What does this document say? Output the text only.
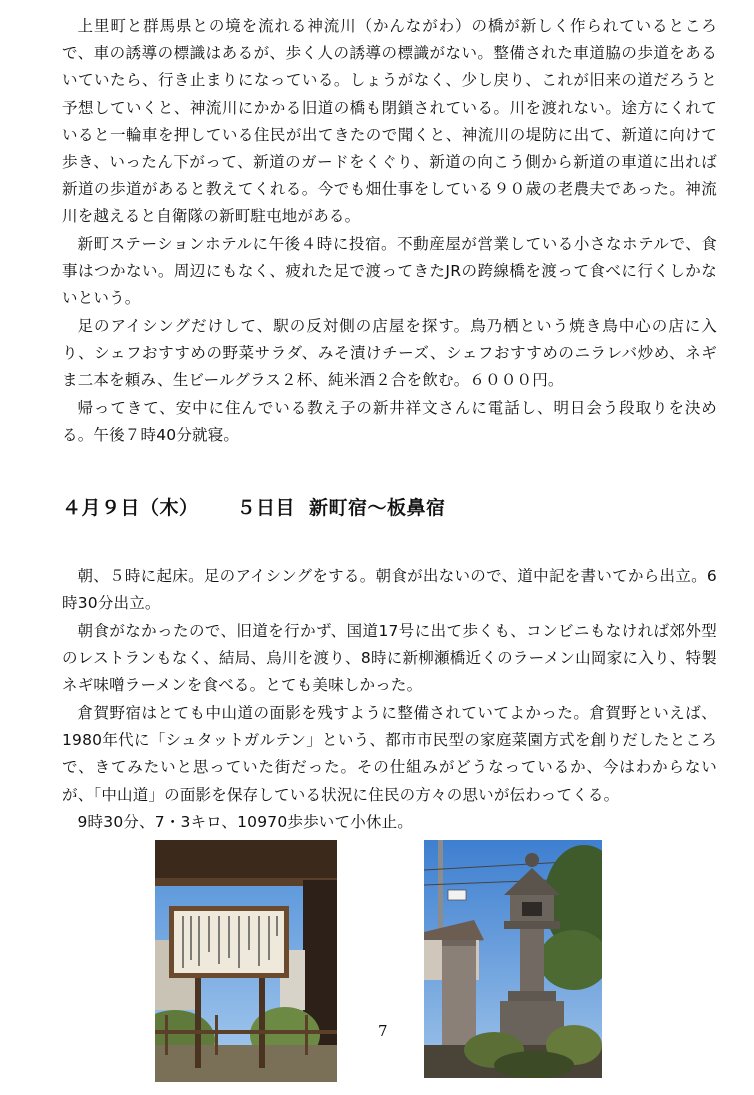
上里町と群馬県との境を流れる神流川（かんながわ）の橋が新しく作られているところで、車の誘導の標識はあるが、歩く人の誘導の標識がない。整備された車道脇の歩道をあるいていたら、行き止まりになっている。しょうがなく、少し戻り、これが旧来の道だろうと予想していくと、神流川にかかる旧道の橋も閉鎖されている。川を渡れない。途方にくれていると一輪車を押している住民が出てきたので聞くと、神流川の堤防に出て、新道に向けて歩き、いったん下がって、新道のガードをくぐり、新道の向こう側から新道の車道に出れば新道の歩道があると教えてくれる。今でも畑仕事をしている９０歳の老農夫であった。神流川を越えると自衛隊の新町駐屯地がある。

新町ステーションホテルに午後４時に投宿。不動産屋が営業している小さなホテルで、食事はつかない。周辺にもなく、疲れた足で渡ってきたJRの跨線橋を渡って食べに行くしかないという。

足のアイシングだけして、駅の反対側の店屋を探す。鳥乃栖という焼き鳥中心の店に入り、シェフおすすめの野菜サラダ、みそ漬けチーズ、シェフおすすめのニラレバ炒め、ネギま二本を頼み、生ビールグラス２杯、純米酒２合を飲む。６０００円。

帰ってきて、安中に住んでいる教え子の新井祥文さんに電話し、明日会う段取りを決める。午後７時40分就寝。

４月９日（木） ５日目 新町宿〜板鼻宿

朝、５時に起床。足のアイシングをする。朝食が出ないので、道中記を書いてから出立。6時30分出立。

朝食がなかったので、旧道を行かず、国道17号に出て歩くも、コンビニもなければ郊外型のレストランもなく、結局、烏川を渡り、8時に新柳瀬橋近くのラーメン山岡家に入り、特製ネギ味噌ラーメンを食べる。とても美味しかった。

倉賀野宿はとても中山道の面影を残すように整備されていてよかった。倉賀野といえば、1980年代に「シュタットガルテン」という、都市市民型の家庭菜園方式を創りだしたところで、きてみたいと思っていた街だった。その仕組みがどうなっているか、今はわからないが、「中山道」の面影を保存している状況に住民の方々の思いが伝わってくる。

9時30分、7・3キロ、10970歩歩いて小休止。

7
